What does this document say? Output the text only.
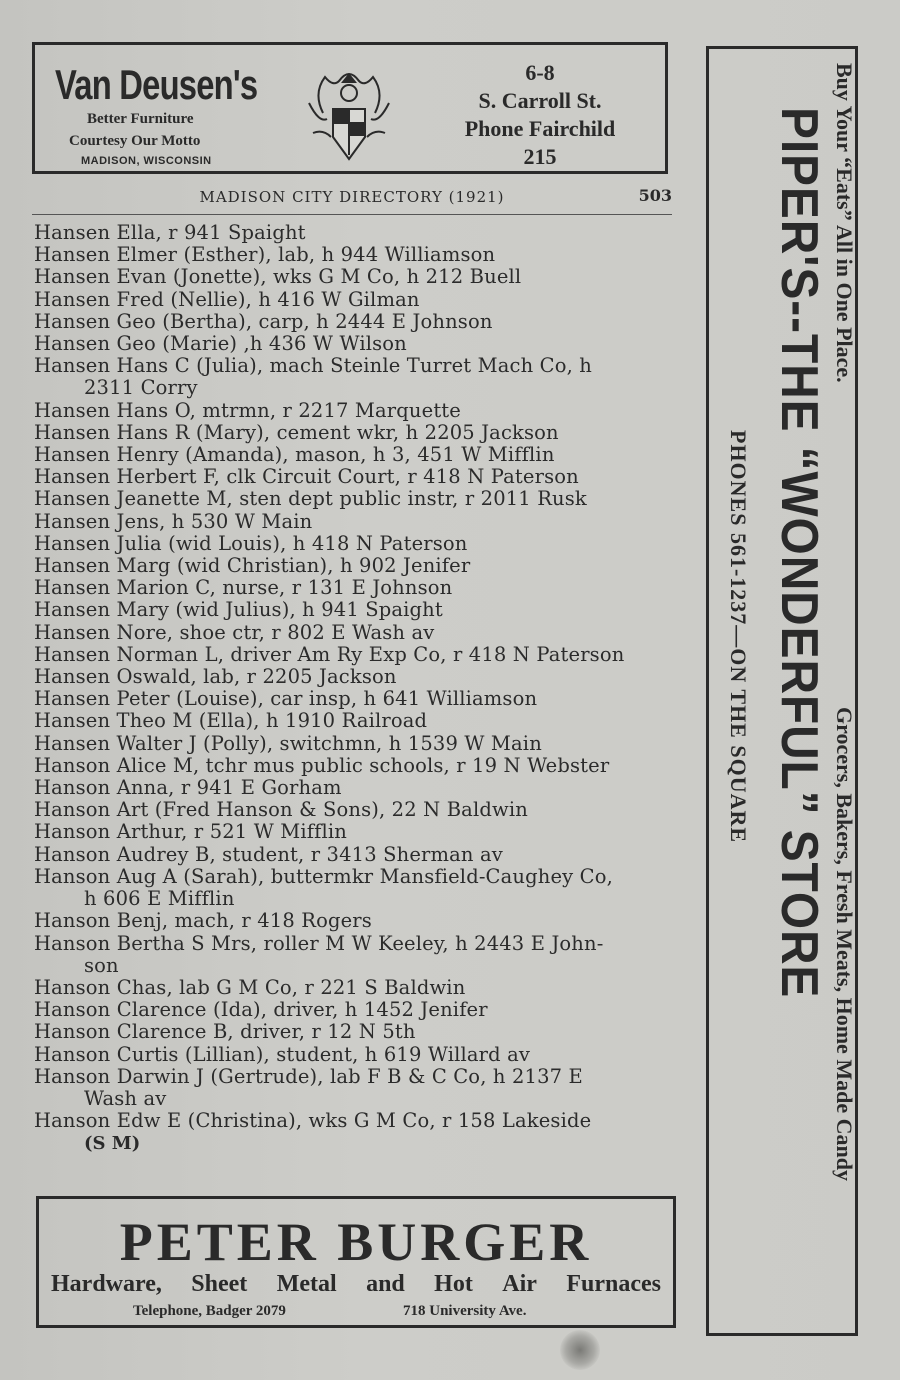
Van Deusen's
Better Furniture
Courtesy Our Motto
MADISON, WISCONSIN
6-8
S. Carroll St.
Phone Fairchild
215
MADISON CITY DIRECTORY (1921)	503
Hansen Ella, r 941 Spaight
Hansen Elmer (Esther), lab, h 944 Williamson
Hansen Evan (Jonette), wks G M Co, h 212 Buell
Hansen Fred (Nellie), h 416 W Gilman
Hansen Geo (Bertha), carp, h 2444 E Johnson
Hansen Geo (Marie) ,h 436 W Wilson
Hansen Hans C (Julia), mach Steinle Turret Mach Co, h
2311 Corry
Hansen Hans O, mtrmn, r 2217 Marquette
Hansen Hans R (Mary), cement wkr, h 2205 Jackson
Hansen Henry (Amanda), mason, h 3, 451 W Mifflin
Hansen Herbert F, clk Circuit Court, r 418 N Paterson
Hansen Jeanette M, sten dept public instr, r 2011 Rusk
Hansen Jens, h 530 W Main
Hansen Julia (wid Louis), h 418 N Paterson
Hansen Marg (wid Christian), h 902 Jenifer
Hansen Marion C, nurse, r 131 E Johnson
Hansen Mary (wid Julius), h 941 Spaight
Hansen Nore, shoe ctr, r 802 E Wash av
Hansen Norman L, driver Am Ry Exp Co, r 418 N Paterson
Hansen Oswald, lab, r 2205 Jackson
Hansen Peter (Louise), car insp, h 641 Williamson
Hansen Theo M (Ella), h 1910 Railroad
Hansen Walter J (Polly), switchmn, h 1539 W Main
Hanson Alice M, tchr mus public schools, r 19 N Webster
Hanson Anna, r 941 E Gorham
Hanson Art (Fred Hanson & Sons), 22 N Baldwin
Hanson Arthur, r 521 W Mifflin
Hanson Audrey B, student, r 3413 Sherman av
Hanson Aug A (Sarah), buttermkr Mansfield-Caughey Co,
h 606 E Mifflin
Hanson Benj, mach, r 418 Rogers
Hanson Bertha S Mrs, roller M W Keeley, h 2443 E John-
son
Hanson Chas, lab G M Co, r 221 S Baldwin
Hanson Clarence (Ida), driver, h 1452 Jenifer
Hanson Clarence B, driver, r 12 N 5th
Hanson Curtis (Lillian), student, h 619 Willard av
Hanson Darwin J (Gertrude), lab F B & C Co, h 2137 E
Wash av
Hanson Edw E (Christina), wks G M Co, r 158 Lakeside
(S M)
PETER BURGER
Hardware, Sheet Metal and Hot Air Furnaces
Telephone, Badger 2079	718 University Ave.
Buy Your “Eats” All in One Place.
PIPER'S--THE “WONDERFUL” STORE Grocers, Bakers, Fresh Meats, Home Made Candy
PHONES 561-1237—ON THE SQUARE
